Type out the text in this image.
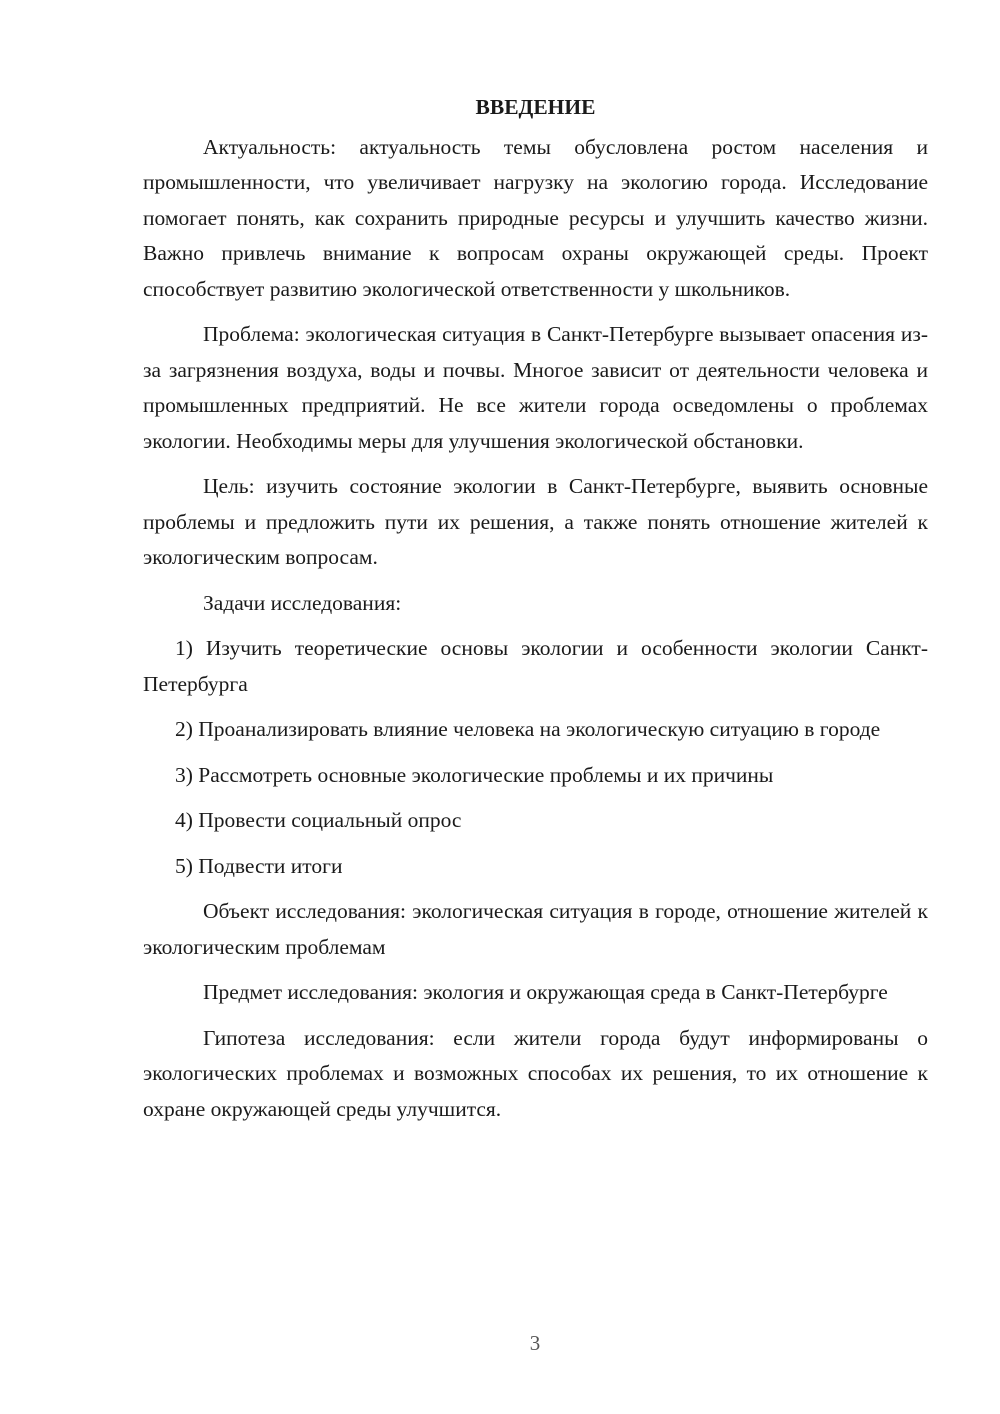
ВВЕДЕНИЕ

Актуальность: актуальность темы обусловлена ростом населения и промышленности, что увеличивает нагрузку на экологию города. Исследование помогает понять, как сохранить природные ресурсы и улучшить качество жизни. Важно привлечь внимание к вопросам охраны окружающей среды. Проект способствует развитию экологической ответственности у школьников.

Проблема: экологическая ситуация в Санкт-Петербурге вызывает опасения из-за загрязнения воздуха, воды и почвы. Многое зависит от деятельности человека и промышленных предприятий. Не все жители города осведомлены о проблемах экологии. Необходимы меры для улучшения экологической обстановки.

Цель: изучить состояние экологии в Санкт-Петербурге, выявить основные проблемы и предложить пути их решения, а также понять отношение жителей к экологическим вопросам.

Задачи исследования:

1) Изучить теоретические основы экологии и особенности экологии Санкт-Петербурга

2) Проанализировать влияние человека на экологическую ситуацию в городе

3) Рассмотреть основные экологические проблемы и их причины

4) Провести социальный опрос

5) Подвести итоги

Объект исследования: экологическая ситуация в городе, отношение жителей к экологическим проблемам

Предмет исследования: экология и окружающая среда в Санкт-Петербурге

Гипотеза исследования: если жители города будут информированы о экологических проблемах и возможных способах их решения, то их отношение к охране окружающей среды улучшится.

3
